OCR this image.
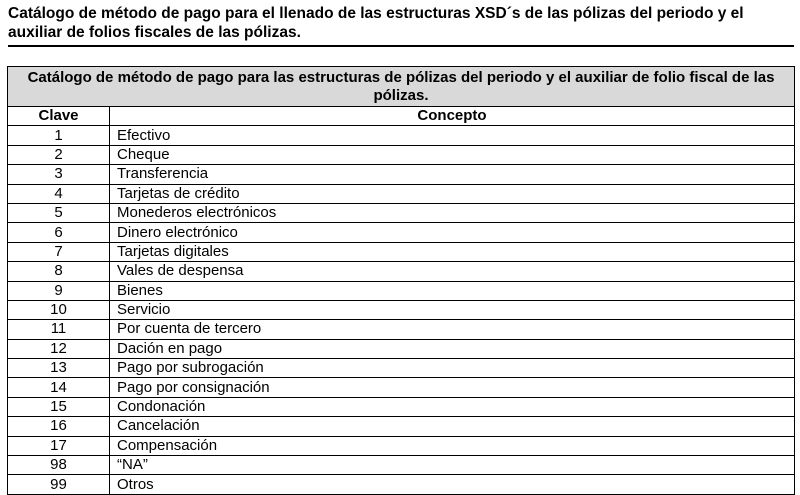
Catálogo de método de pago para el llenado de las estructuras XSD´s de las pólizas del periodo y el auxiliar de folios fiscales de las pólizas.
Catálogo de método de pago para las estructuras de pólizas del periodo y el auxiliar de folio fiscal de las pólizas.	
Clave	Concepto
1	Efectivo
2	Cheque
3	Transferencia
4	Tarjetas de crédito
5	Monederos electrónicos
6	Dinero electrónico
7	Tarjetas digitales
8	Vales de despensa
9	Bienes
10	Servicio
11	Por cuenta de tercero
12	Dación en pago
13	Pago por subrogación
14	Pago por consignación
15	Condonación
16	Cancelación
17	Compensación
98	“NA”
99	Otros
